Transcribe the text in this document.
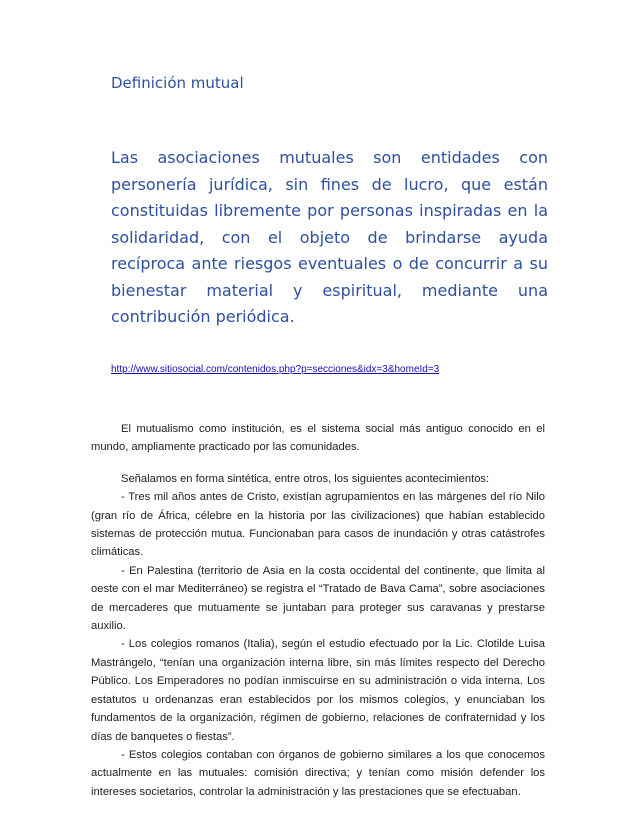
Definición mutual

Las asociaciones mutuales son entidades con personería jurídica, sin fines de lucro, que están constituidas libremente por personas inspiradas en la solidaridad, con el objeto de brindarse ayuda recíproca ante riesgos eventuales o de concurrir a su bienestar material y espiritual, mediante una contribución periódica.

http://www.sitiosocial.com/contenidos.php?p=secciones&idx=3&homeId=3

El mutualismo como institución, es el sistema social más antiguo conocido en el mundo, ampliamente practicado por las comunidades.

Señalamos en forma sintética, entre otros, los siguientes acontecimientos:

- Tres mil años antes de Cristo, existían agrupamientos en las márgenes del río Nilo (gran río de África, célebre en la historia por las civilizaciones) que habían establecido sistemas de protección mutua. Funcionaban para casos de inundación y otras catástrofes climáticas.

- En Palestina (territorio de Asia en la costa occidental del continente, que limita al oeste con el mar Mediterráneo) se registra el “Tratado de Bava Cama”, sobre asociaciones de mercaderes que mutuamente se juntaban para proteger sus caravanas y prestarse auxilio.

- Los colegios romanos (Italia), según el estudio efectuado por la Lic. Clotilde Luisa Mastrángelo, “tenían una organización interna libre, sin más límites respecto del Derecho Público. Los Emperadores no podían inmiscuirse en su administración o vida interna. Los estatutos u ordenanzas eran establecidos por los mismos colegios, y enunciaban los fundamentos de la organización, régimen de gobierno, relaciones de confraternidad y los días de banquetes o fiestas”.

- Estos colegios contaban con órganos de gobierno similares a los que conocemos actualmente en las mutuales: comisión directiva; y tenían como misión defender los intereses societarios, controlar la administración y las prestaciones que se efectuaban.
